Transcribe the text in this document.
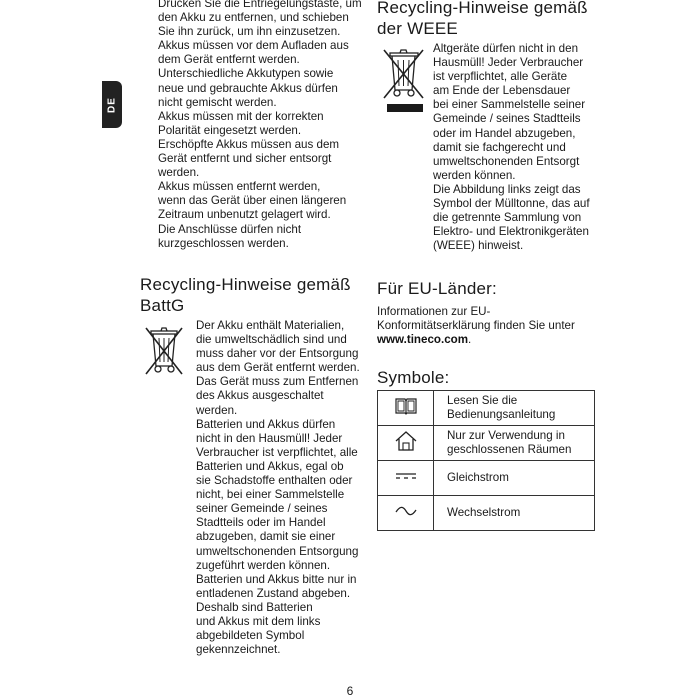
DE
Drücken Sie die Entriegelungstaste, um
den Akku zu entfernen, und schieben
Sie ihn zurück, um ihn einzusetzen.
Akkus müssen vor dem Aufladen aus
dem Gerät entfernt werden.
Unterschiedliche Akkutypen sowie
neue und gebrauchte Akkus dürfen
nicht gemischt werden.
Akkus müssen mit der korrekten
Polarität eingesetzt werden.
Erschöpfte Akkus müssen aus dem
Gerät entfernt und sicher entsorgt
werden.
Akkus müssen entfernt werden,
wenn das Gerät über einen längeren
Zeitraum unbenutzt gelagert wird.
Die Anschlüsse dürfen nicht
kurzgeschlossen werden.
Recycling-Hinweise gemäß
BattG
Der Akku enthält Materialien,
die umweltschädlich sind und
muss daher vor der Entsorgung
aus dem Gerät entfernt werden.
Das Gerät muss zum Entfernen
des Akkus ausgeschaltet
werden.
Batterien und Akkus dürfen
nicht in den Hausmüll! Jeder
Verbraucher ist verpflichtet, alle
Batterien und Akkus, egal ob
sie Schadstoffe enthalten oder
nicht, bei einer Sammelstelle
seiner Gemeinde / seines
Stadtteils oder im Handel
abzugeben, damit sie einer
umweltschonenden Entsorgung
zugeführt werden können.
Batterien und Akkus bitte nur in
entladenen Zustand abgeben.
Deshalb sind Batterien
und Akkus mit dem links
abgebildeten Symbol
gekennzeichnet.
Recycling-Hinweise gemäß
der WEEE
Altgeräte dürfen nicht in den
Hausmüll! Jeder Verbraucher
ist verpflichtet, alle Geräte
am Ende der Lebensdauer
bei einer Sammelstelle seiner
Gemeinde / seines Stadtteils
oder im Handel abzugeben,
damit sie fachgerecht und
umweltschonenden Entsorgt
werden können.
Die Abbildung links zeigt das
Symbol der Mülltonne, das auf
die getrennte Sammlung von
Elektro- und Elektronikgeräten
(WEEE) hinweist.
Für EU-Länder:
Informationen zur EU-
Konformitätserklärung finden Sie unter
www.tineco.com.
Symbole:

Lesen Sie die
Bedienungsanleitung

Nur zur Verwendung in
geschlossenen Räumen

	Gleichstrom
	Wechselstrom
6
